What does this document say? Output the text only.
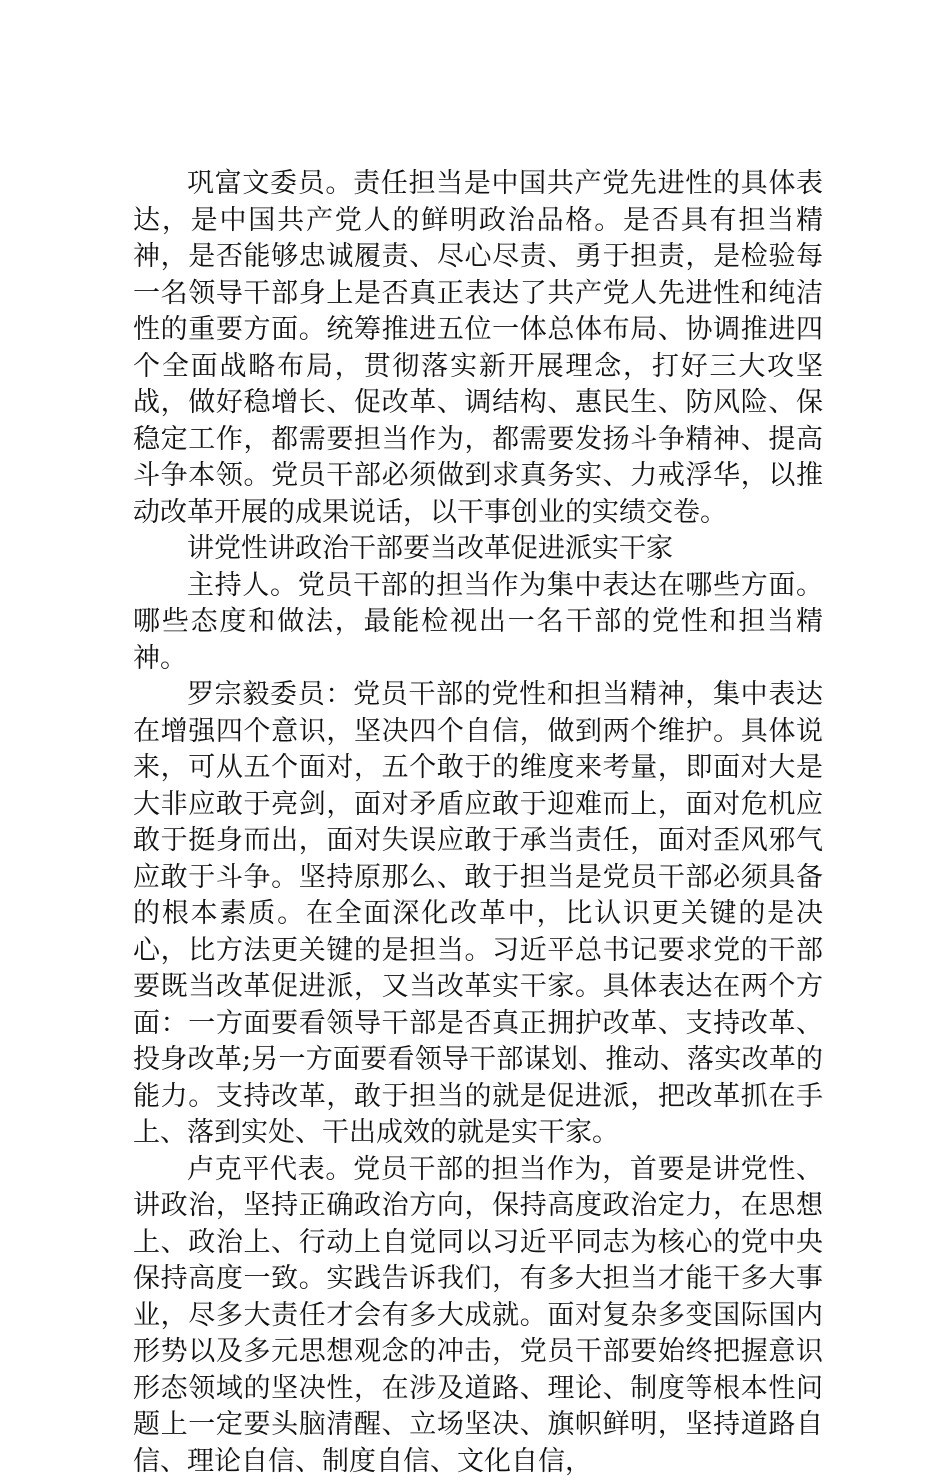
巩富文委员。责任担当是中国共产党先进性的具体表达，是中国共产党人的鲜明政治品格。是否具有担当精神，是否能够忠诚履责、尽心尽责、勇于担责，是检验每一名领导干部身上是否真正表达了共产党人先进性和纯洁性的重要方面。统筹推进五位一体总体布局、协调推进四个全面战略布局，贯彻落实新开展理念，打好三大攻坚战，做好稳增长、促改革、调结构、惠民生、防风险、保稳定工作，都需要担当作为，都需要发扬斗争精神、提高斗争本领。党员干部必须做到求真务实、力戒浮华，以推动改革开展的成果说话，以干事创业的实绩交卷。

讲党性讲政治干部要当改革促进派实干家

主持人。党员干部的担当作为集中表达在哪些方面。哪些态度和做法，最能检视出一名干部的党性和担当精神。

罗宗毅委员：党员干部的党性和担当精神，集中表达在增强四个意识，坚决四个自信，做到两个维护。具体说来，可从五个面对，五个敢于的维度来考量，即面对大是大非应敢于亮剑，面对矛盾应敢于迎难而上，面对危机应敢于挺身而出，面对失误应敢于承当责任，面对歪风邪气应敢于斗争。坚持原那么、敢于担当是党员干部必须具备的根本素质。在全面深化改革中，比认识更关键的是决心，比方法更关键的是担当。习近平总书记要求党的干部要既当改革促进派，又当改革实干家。具体表达在两个方面：一方面要看领导干部是否真正拥护改革、支持改革、投身改革;另一方面要看领导干部谋划、推动、落实改革的能力。支持改革，敢于担当的就是促进派，把改革抓在手上、落到实处、干出成效的就是实干家。

卢克平代表。党员干部的担当作为，首要是讲党性、讲政治，坚持正确政治方向，保持高度政治定力，在思想上、政治上、行动上自觉同以习近平同志为核心的党中央保持高度一致。实践告诉我们，有多大担当才能干多大事业，尽多大责任才会有多大成就。面对复杂多变国际国内形势以及多元思想观念的冲击，党员干部要始终把握意识形态领域的坚决性，在涉及道路、理论、制度等根本性问题上一定要头脑清醒、立场坚决、旗帜鲜明，坚持道路自信、理论自信、制度自信、文化自信，
